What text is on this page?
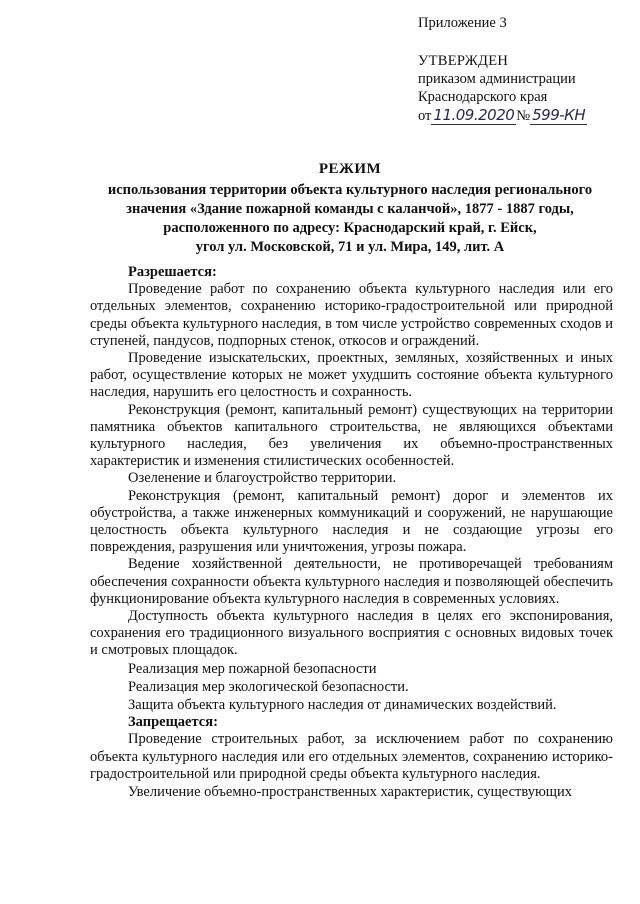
Приложение 3
УТВЕРЖДЕН
приказом администрации
Краснодарского края
от 11.09.2020 № 599-КН
РЕЖИМ
использования территории объекта культурного наследия регионального
значения «Здание пожарной команды с каланчой», 1877 - 1887 годы,
расположенного по адресу: Краснодарский край, г. Ейск,
угол ул. Московской, 71 и ул. Мира, 149, лит. А

Разрешается:

Проведение работ по сохранению объекта культурного наследия или его отдельных элементов, сохранению историко-градостроительной или природной среды объекта культурного наследия, в том числе устройство современных сходов и ступеней, пандусов, подпорных стенок, откосов и ограждений.

Проведение изыскательских, проектных, земляных, хозяйственных и иных работ, осуществление которых не может ухудшить состояние объекта культурного наследия, нарушить его целостность и сохранность.

Реконструкция (ремонт, капитальный ремонт) существующих на территории памятника объектов капитального строительства, не являющихся объектами культурного наследия, без увеличения их объемно-пространственных характеристик и изменения стилистических особенностей.

Озеленение и благоустройство территории.

Реконструкция (ремонт, капитальный ремонт) дорог и элементов их обустройства, а также инженерных коммуникаций и сооружений, не нарушающие целостность объекта культурного наследия и не создающие угрозы его повреждения, разрушения или уничтожения, угрозы пожара.

Ведение хозяйственной деятельности, не противоречащей требованиям обеспечения сохранности объекта культурного наследия и позволяющей обеспечить функционирование объекта культурного наследия в современных условиях.

Доступность объекта культурного наследия в целях его экспонирования, сохранения его традиционного визуального восприятия с основных видовых точек и смотровых площадок.

Реализация мер пожарной безопасности

Реализация мер экологической безопасности.

Защита объекта культурного наследия от динамических воздействий.

Запрещается:

Проведение строительных работ, за исключением работ по сохранению объекта культурного наследия или его отдельных элементов, сохранению историко-градостроительной или природной среды объекта культурного наследия.

Увеличение объемно-пространственных характеристик, существующих
